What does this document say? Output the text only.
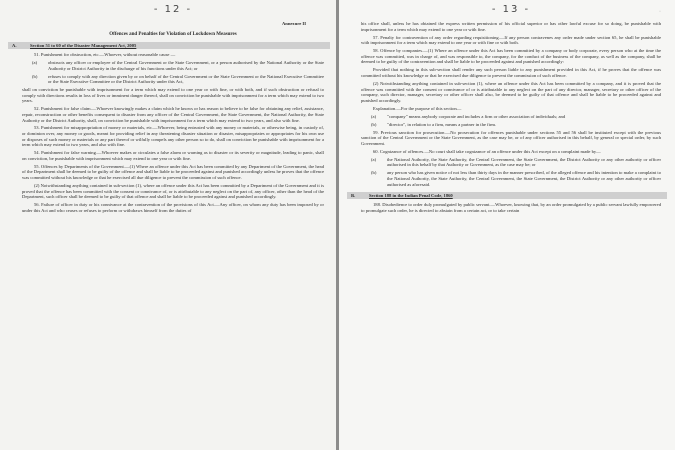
- 12 -
Annexure II
Offences and Penalties for Violation of Lockdown Measures
A.	Section 51 to 60 of the Disaster Management Act, 2005

51. Punishment for obstruction, etc.—Whoever, without reasonable cause —

(a)	obstructs any officer or employee of the Central Government or the State Government, or a person authorised by the National Authority or the State Authority or District Authority in the discharge of his functions under this Act; or
(b)	refuses to comply with any direction given by or on behalf of the Central Government or the State Government or the National Executive Committee or the State Executive Committee or the District Authority under this Act,

shall on conviction be punishable with imprisonment for a term which may extend to one year or with fine, or with both, and if such obstruction or refusal to comply with directions results in loss of lives or imminent danger thereof, shall on conviction be punishable with imprisonment for a term which may extend to two years.

52. Punishment for false claim.—Whoever knowingly makes a claim which he knows or has reason to believe to be false for obtaining any relief, assistance, repair, reconstruction or other benefits consequent to disaster from any officer of the Central Government, the State Government, the National Authority, the State Authority or the District Authority, shall, on conviction be punishable with imprisonment for a term which may extend to two years, and also with fine.

53. Punishment for misappropriation of money or materials, etc.—Whoever, being entrusted with any money or materials, or otherwise being, in custody of, or dominion over, any money or goods, meant for providing relief in any threatening disaster situation or disaster, misappropriates or appropriates for his own use or disposes of such money or materials or any part thereof or wilfully compels any other person so to do, shall on conviction be punishable with imprisonment for a term which may extend to two years, and also with fine.

54. Punishment for false warning.—Whoever makes or circulates a false alarm or warning as to disaster or its severity or magnitude, leading to panic, shall on conviction, be punishable with imprisonment which may extend to one year or with fine.

55. Offences by Departments of the Government.—(1) Where an offence under this Act has been committed by any Department of the Government, the head of the Department shall be deemed to be guilty of the offence and shall be liable to be proceeded against and punished accordingly unless he proves that the offence was committed without his knowledge or that he exercised all due diligence to prevent the commission of such offence.

(2) Notwithstanding anything contained in sub-section (1), where an offence under this Act has been committed by a Department of the Government and it is proved that the offence has been committed with the consent or connivance of, or is attributable to any neglect on the part of, any officer, other than the head of the Department, such officer shall be deemed to be guilty of that offence and shall be liable to be proceeded against and punished accordingly.

56. Failure of officer in duty or his connivance at the contravention of the provisions of this Act.—Any officer, on whom any duty has been imposed by or under this Act and who ceases or refuses to perform or withdraws himself from the duties of

- 13 -	·

his office shall, unless he has obtained the express written permission of his official superior or has other lawful excuse for so doing, be punishable with imprisonment for a term which may extend to one year or with fine.

57. Penalty for contravention of any order regarding requisitioning.—If any person contravenes any order made under section 65, he shall be punishable with imprisonment for a term which may extend to one year or with fine or with both.

58. Offence by companies.—(1) Where an offence under this Act has been committed by a company or body corporate, every person who at the time the offence was committed, was in charge of, and was responsible to, the company, for the conduct of the business of the company, as well as the company, shall be deemed to be guilty of the contravention and shall be liable to be proceeded against and punished accordingly:

Provided that nothing in this sub-section shall render any such person liable to any punishment provided in this Act, if he proves that the offence was committed without his knowledge or that he exercised due diligence to prevent the commission of such offence.

(2) Notwithstanding anything contained in sub-section (1), where an offence under this Act has been committed by a company, and it is proved that the offence was committed with the consent or connivance of or is attributable to any neglect on the part of any director, manager, secretary or other officer of the company, such director, manager, secretary or other officer shall also, be deemed to be guilty of that offence and shall be liable to be proceeded against and punished accordingly.

Explanation.—For the purpose of this section—

(a)	"company" means anybody corporate and includes a firm or other association of individuals; and
(b)	"director", in relation to a firm, means a partner in the firm.

59. Previous sanction for prosecution.—No prosecution for offences punishable under sections 55 and 56 shall be instituted except with the previous sanction of the Central Government or the State Government, as the case may be, or of any officer authorised in this behalf, by general or special order, by such Government.

60. Cognizance of offences.—No court shall take cognizance of an offence under this Act except on a complaint made by—

(a)	the National Authority, the State Authority, the Central Government, the State Government, the District Authority or any other authority or officer authorised in this behalf by that Authority or Government, as the case may be; or
(b)	any person who has given notice of not less than thirty days in the manner prescribed, of the alleged offence and his intention to make a complaint to the National Authority, the State Authority, the Central Government, the State Government, the District Authority or any other authority or officer authorised as aforesaid.
B.	Section 188 in the Indian Penal Code, 1860

188. Disobedience to order duly promulgated by public servant.—Whoever, knowing that, by an order promulgated by a public servant lawfully empowered to promulgate such order, he is directed to abstain from a certain act, or to take certain
